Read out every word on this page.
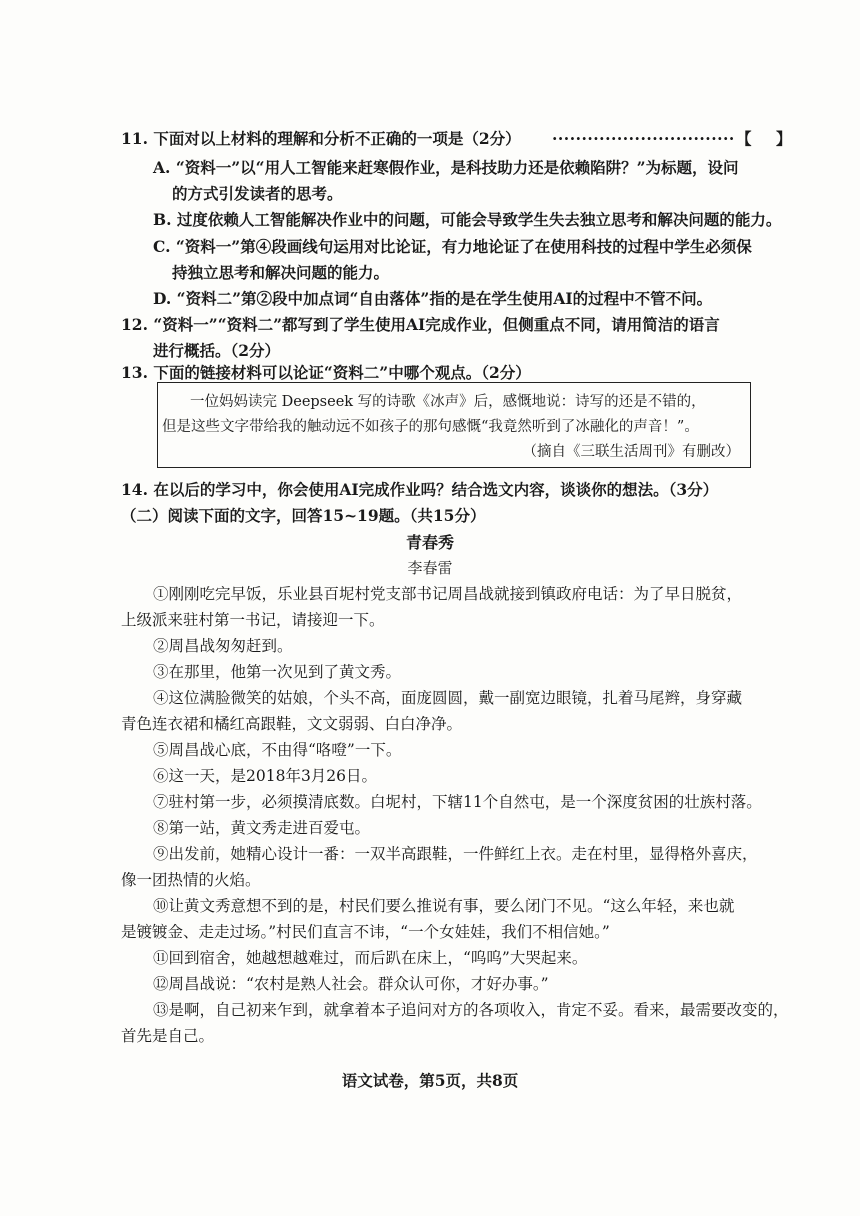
11. 下面对以上材料的理解和分析不正确的一项是（2分） ······························· 【 】
A. “资料一”以“用人工智能来赶寒假作业，是科技助力还是依赖陷阱？”为标题，设问
的方式引发读者的思考。
B. 过度依赖人工智能解决作业中的问题，可能会导致学生失去独立思考和解决问题的能力。
C. “资料一”第④段画线句运用对比论证，有力地论证了在使用科技的过程中学生必须保
持独立思考和解决问题的能力。
D. “资料二”第②段中加点词“自由落体”指的是在学生使用AI的过程中不管不问。
12. “资料一”“资料二”都写到了学生使用AI完成作业，但侧重点不同，请用简洁的语言
进行概括。（2分）
13. 下面的链接材料可以论证“资料二”中哪个观点。（2分）
一位妈妈读完 Deepseek 写的诗歌《冰声》后，感慨地说：诗写的还是不错的，
但是这些文字带给我的触动远不如孩子的那句感慨“我竟然听到了冰融化的声音！”。
（摘自《三联生活周刊》有删改）
14. 在以后的学习中，你会使用AI完成作业吗？结合选文内容，谈谈你的想法。（3分）
（二）阅读下面的文字，回答15~19题。（共15分）
青春秀
李春雷
①刚刚吃完早饭，乐业县百坭村党支部书记周昌战就接到镇政府电话：为了早日脱贫，
上级派来驻村第一书记，请接迎一下。
②周昌战匆匆赶到。
③在那里，他第一次见到了黄文秀。
④这位满脸微笑的姑娘，个头不高，面庞圆圆，戴一副宽边眼镜，扎着马尾辫，身穿藏
青色连衣裙和橘红高跟鞋，文文弱弱、白白净净。
⑤周昌战心底，不由得“咯噔”一下。
⑥这一天，是2018年3月26日。
⑦驻村第一步，必须摸清底数。白坭村，下辖11个自然屯，是一个深度贫困的壮族村落。
⑧第一站，黄文秀走进百爱屯。
⑨出发前，她精心设计一番：一双半高跟鞋，一件鲜红上衣。走在村里，显得格外喜庆，
像一团热情的火焰。
⑩让黄文秀意想不到的是，村民们要么推说有事，要么闭门不见。“这么年轻，来也就
是镀镀金、走走过场。”村民们直言不讳，“一个女娃娃，我们不相信她。”
⑪回到宿舍，她越想越难过，而后趴在床上，“呜呜”大哭起来。
⑫周昌战说：“农村是熟人社会。群众认可你，才好办事。”
⑬是啊，自己初来乍到，就拿着本子追问对方的各项收入，肯定不妥。看来，最需要改变的，
首先是自己。
语文试卷，第5页，共8页
